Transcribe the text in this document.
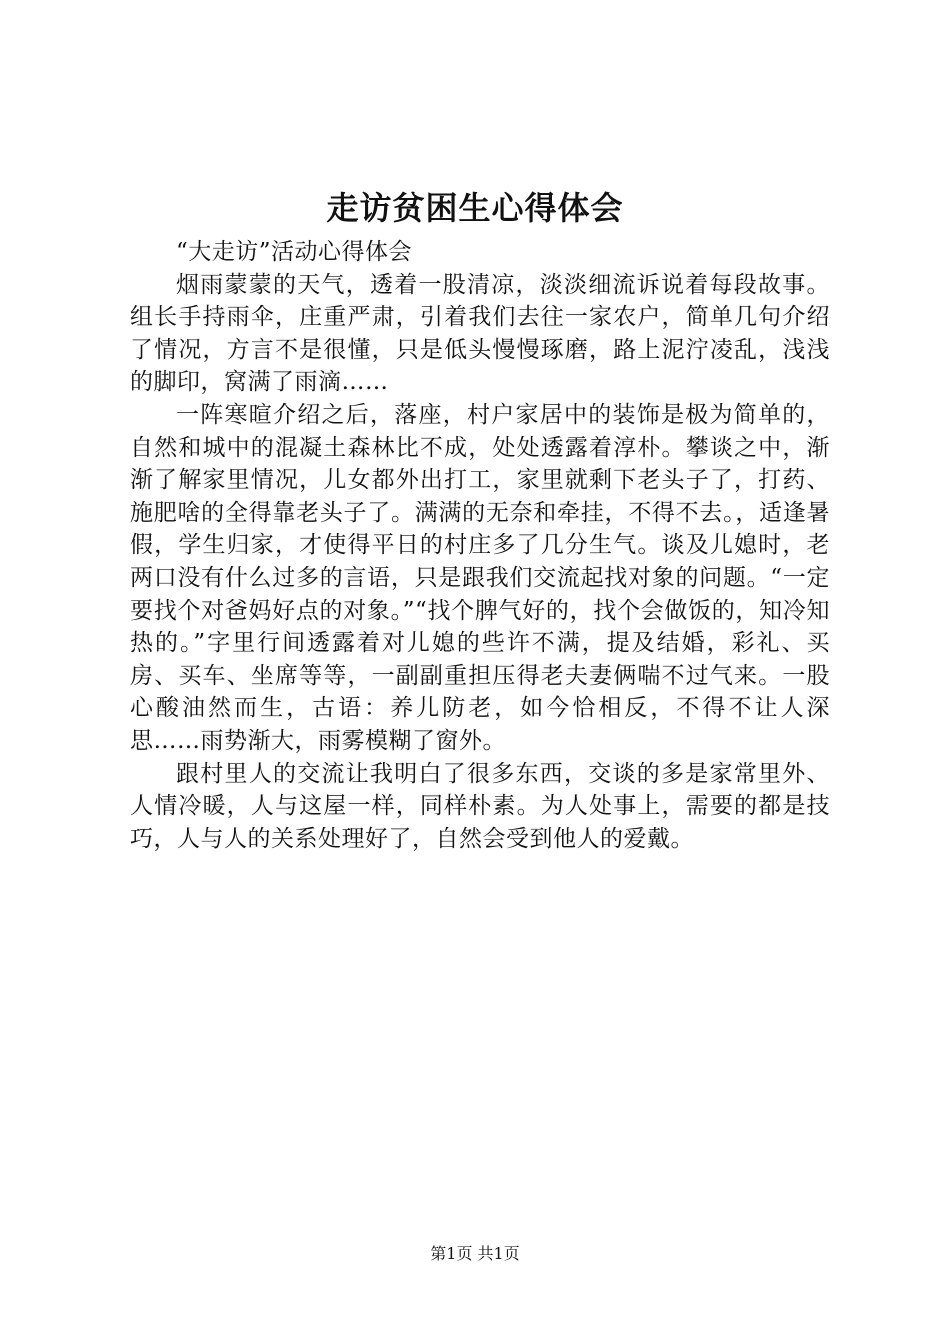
走访贫困生心得体会

“大走访”活动心得体会

烟雨蒙蒙的天气，透着一股清凉，淡淡细流诉说着每段故事。组长手持雨伞，庄重严肃，引着我们去往一家农户，简单几句介绍了情况，方言不是很懂，只是低头慢慢琢磨，路上泥泞凌乱，浅浅的脚印，窝满了雨滴……

一阵寒暄介绍之后，落座，村户家居中的装饰是极为简单的，自然和城中的混凝土森林比不成，处处透露着淳朴。攀谈之中，渐渐了解家里情况，儿女都外出打工，家里就剩下老头子了，打药、施肥啥的全得靠老头子了。满满的无奈和牵挂，不得不去。，适逢暑假，学生归家，才使得平日的村庄多了几分生气。谈及儿媳时，老两口没有什么过多的言语，只是跟我们交流起找对象的问题。“一定要找个对爸妈好点的对象。”“找个脾气好的，找个会做饭的，知冷知热的。”字里行间透露着对儿媳的些许不满，提及结婚，彩礼、买房、买车、坐席等等，一副副重担压得老夫妻俩喘不过气来。一股心酸油然而生，古语：养儿防老，如今恰相反，不得不让人深思……雨势渐大，雨雾模糊了窗外。

跟村里人的交流让我明白了很多东西，交谈的多是家常里外、人情冷暖，人与这屋一样，同样朴素。为人处事上，需要的都是技巧，人与人的关系处理好了，自然会受到他人的爱戴。

第1页 共1页
